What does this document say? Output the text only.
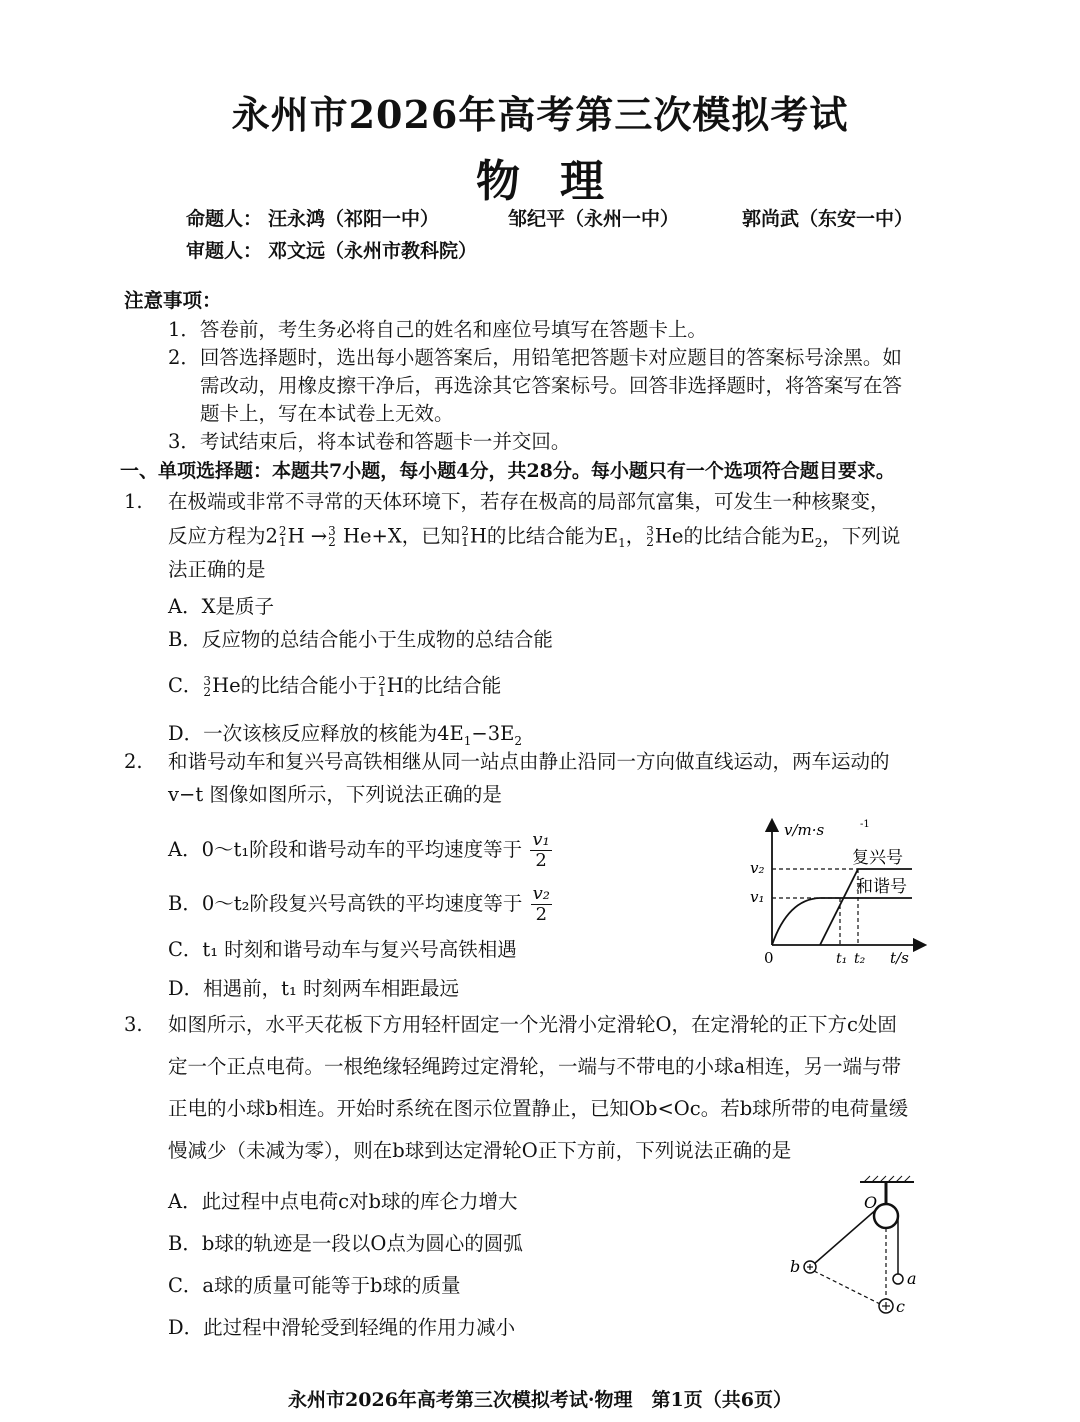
永州市2026年高考第三次模拟考试
物理
命题人： 汪永鸿（祁阳一中）	邹纪平（永州一中）	郭尚武（东安一中）
审题人： 邓文远（永州市教科院）
注意事项：
1．答卷前，考生务必将自己的姓名和座位号填写在答题卡上。
2．回答选择题时，选出每小题答案后，用铅笔把答题卡对应题目的答案标号涂黑。如
需改动，用橡皮擦干净后，再选涂其它答案标号。回答非选择题时，将答案写在答
题卡上，写在本试卷上无效。
3．考试结束后，将本试卷和答题卡一并交回。
一、单项选择题：本题共7小题，每小题4分，共28分。每小题只有一个选项符合题目要求。
1. 在极端或非常不寻常的天体环境下，若存在极高的局部氘富集，可发生一种核聚变，
反应方程为22
1H →3
2 He+X，已知2
1H的比结合能为$E_1$，3
2He的比结合能为$E_2$，下列说
法正确的是
A．X是质子
B．反应物的总结合能小于生成物的总结合能
C．3
2He的比结合能小于2
1H的比结合能
D．一次该核反应释放的核能为$4E_1-3E_2$
2. 和谐号动车和复兴号高铁相继从同一站点由静止沿同一方向做直线运动，两车运动的
v−t 图像如图所示，下列说法正确的是
A．0～t₁阶段和谐号动车的平均速度等于 $\frac{\text{v₁}}{2}$
B．0～t₂阶段复兴号高铁的平均速度等于 $\frac{\text{v₂}}{2}$
C．t₁ 时刻和谐号动车与复兴号高铁相遇
D．相遇前，t₁ 时刻两车相距最远
v/m·s	-1
t/s
0
v₂
v₁
t₁ t₂
复兴号
和谐号
3. 如图所示，水平天花板下方用轻杆固定一个光滑小定滑轮O，在定滑轮的正下方c处固
定一个正点电荷。一根绝缘轻绳跨过定滑轮，一端与不带电的小球a相连，另一端与带
正电的小球b相连。开始时系统在图示位置静止，已知Ob<Oc。若b球所带的电荷量缓
慢减少（未减为零），则在b球到达定滑轮O正下方前，下列说法正确的是
A．此过程中点电荷c对b球的库仑力增大
B．b球的轨迹是一段以O点为圆心的圆弧
C．a球的质量可能等于b球的质量
D．此过程中滑轮受到轻绳的作用力减小
O
a
b
c
永州市2026年高考第三次模拟考试·物理　第1页（共6页）
